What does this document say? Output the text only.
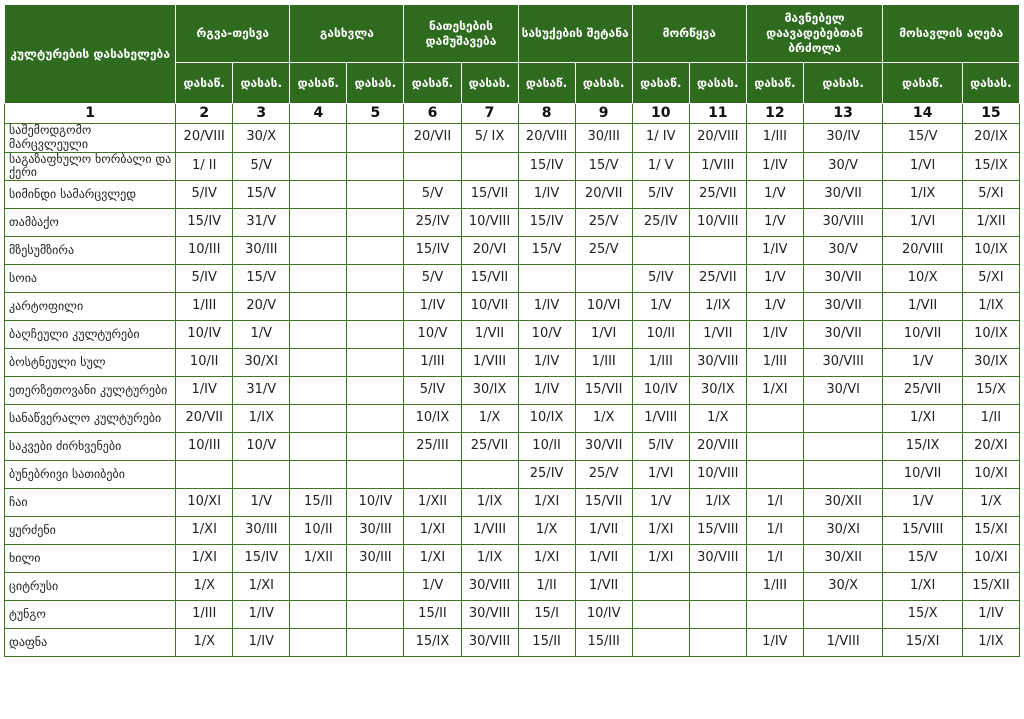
კულტურების დასახელება	რგვა-თესვა		გასხვლა		ნათესების დამუშავება		სასუქების შეტანა		მორწყვა		მავნებელ დაავადებებთან ბრძოლა		მოსავლის აღება	
	დასაწ.	დასას.	დასაწ.	დასას.	დასაწ.	დასას.	დასაწ.	დასას.	დასაწ.	დასას.	დასაწ.	დასას.	დასაწ.	დასას.
1	2	3	4	5	6	7	8	9	10	11	12	13	14	15
საშემოდგომო მარცვლეული	20/VIII	30/X			20/VII	5/ IX	20/VIII	30/III	1/ IV	20/VIII	1/III	30/IV	15/V	20/IX
საგაზაფხულო ხორბალი და ქერი	1/ II	5/V					15/IV	15/V	1/ V	1/VIII	1/IV	30/V	1/VI	15/IX
სიმინდი სამარცვლედ	5/IV	15/V			5/V	15/VII	1/IV	20/VII	5/IV	25/VII	1/V	30/VII	1/IX	5/XI
თამბაქო	15/IV	31/V			25/IV	10/VIII	15/IV	25/V	25/IV	10/VIII	1/V	30/VIII	1/VI	1/XII
მზესუმზირა	10/III	30/III			15/IV	20/VI	15/V	25/V			1/IV	30/V	20/VIII	10/IX
სოია	5/IV	15/V			5/V	15/VII			5/IV	25/VII	1/V	30/VII	10/X	5/XI
კარტოფილი	1/III	20/V			1/IV	10/VII	1/IV	10/VI	1/V	1/IX	1/V	30/VII	1/VII	1/IX
ბაღჩეული კულტურები	10/IV	1/V			10/V	1/VII	10/V	1/VI	10/II	1/VII	1/IV	30/VII	10/VII	10/IX
ბოსტნეული სულ	10/II	30/XI			1/III	1/VIII	1/IV	1/III	1/III	30/VIII	1/III	30/VIII	1/V	30/IX
ეთერზეთოვანი კულტურები	1/IV	31/V			5/IV	30/IX	1/IV	15/VII	10/IV	30/IX	1/XI	30/VI	25/VII	15/X
სანაწვერალო კულტურები	20/VII	1/IX			10/IX	1/X	10/IX	1/X	1/VIII	1/X			1/XI	1/II
საკვები ძირხვენები	10/III	10/V			25/III	25/VII	10/II	30/VII	5/IV	20/VIII			15/IX	20/XI
ბუნებრივი სათიბები							25/IV	25/V	1/VI	10/VIII			10/VII	10/XI
ჩაი	10/XI	1/V	15/II	10/IV	1/XII	1/IX	1/XI	15/VII	1/V	1/IX	1/I	30/XII	1/V	1/X
ყურძენი	1/XI	30/III	10/II	30/III	1/XI	1/VIII	1/X	1/VII	1/XI	15/VIII	1/I	30/XI	15/VIII	15/XI
ხილი	1/XI	15/IV	1/XII	30/III	1/XI	1/IX	1/XI	1/VII	1/XI	30/VIII	1/I	30/XII	15/V	10/XI
ციტრუსი	1/X	1/XI			1/V	30/VIII	1/II	1/VII			1/III	30/X	1/XI	15/XII
ტუნგო	1/III	1/IV			15/II	30/VIII	15/I	10/IV					15/X	1/IV
დაფნა	1/X	1/IV			15/IX	30/VIII	15/II	15/III			1/IV	1/VIII	15/XI	1/IX
